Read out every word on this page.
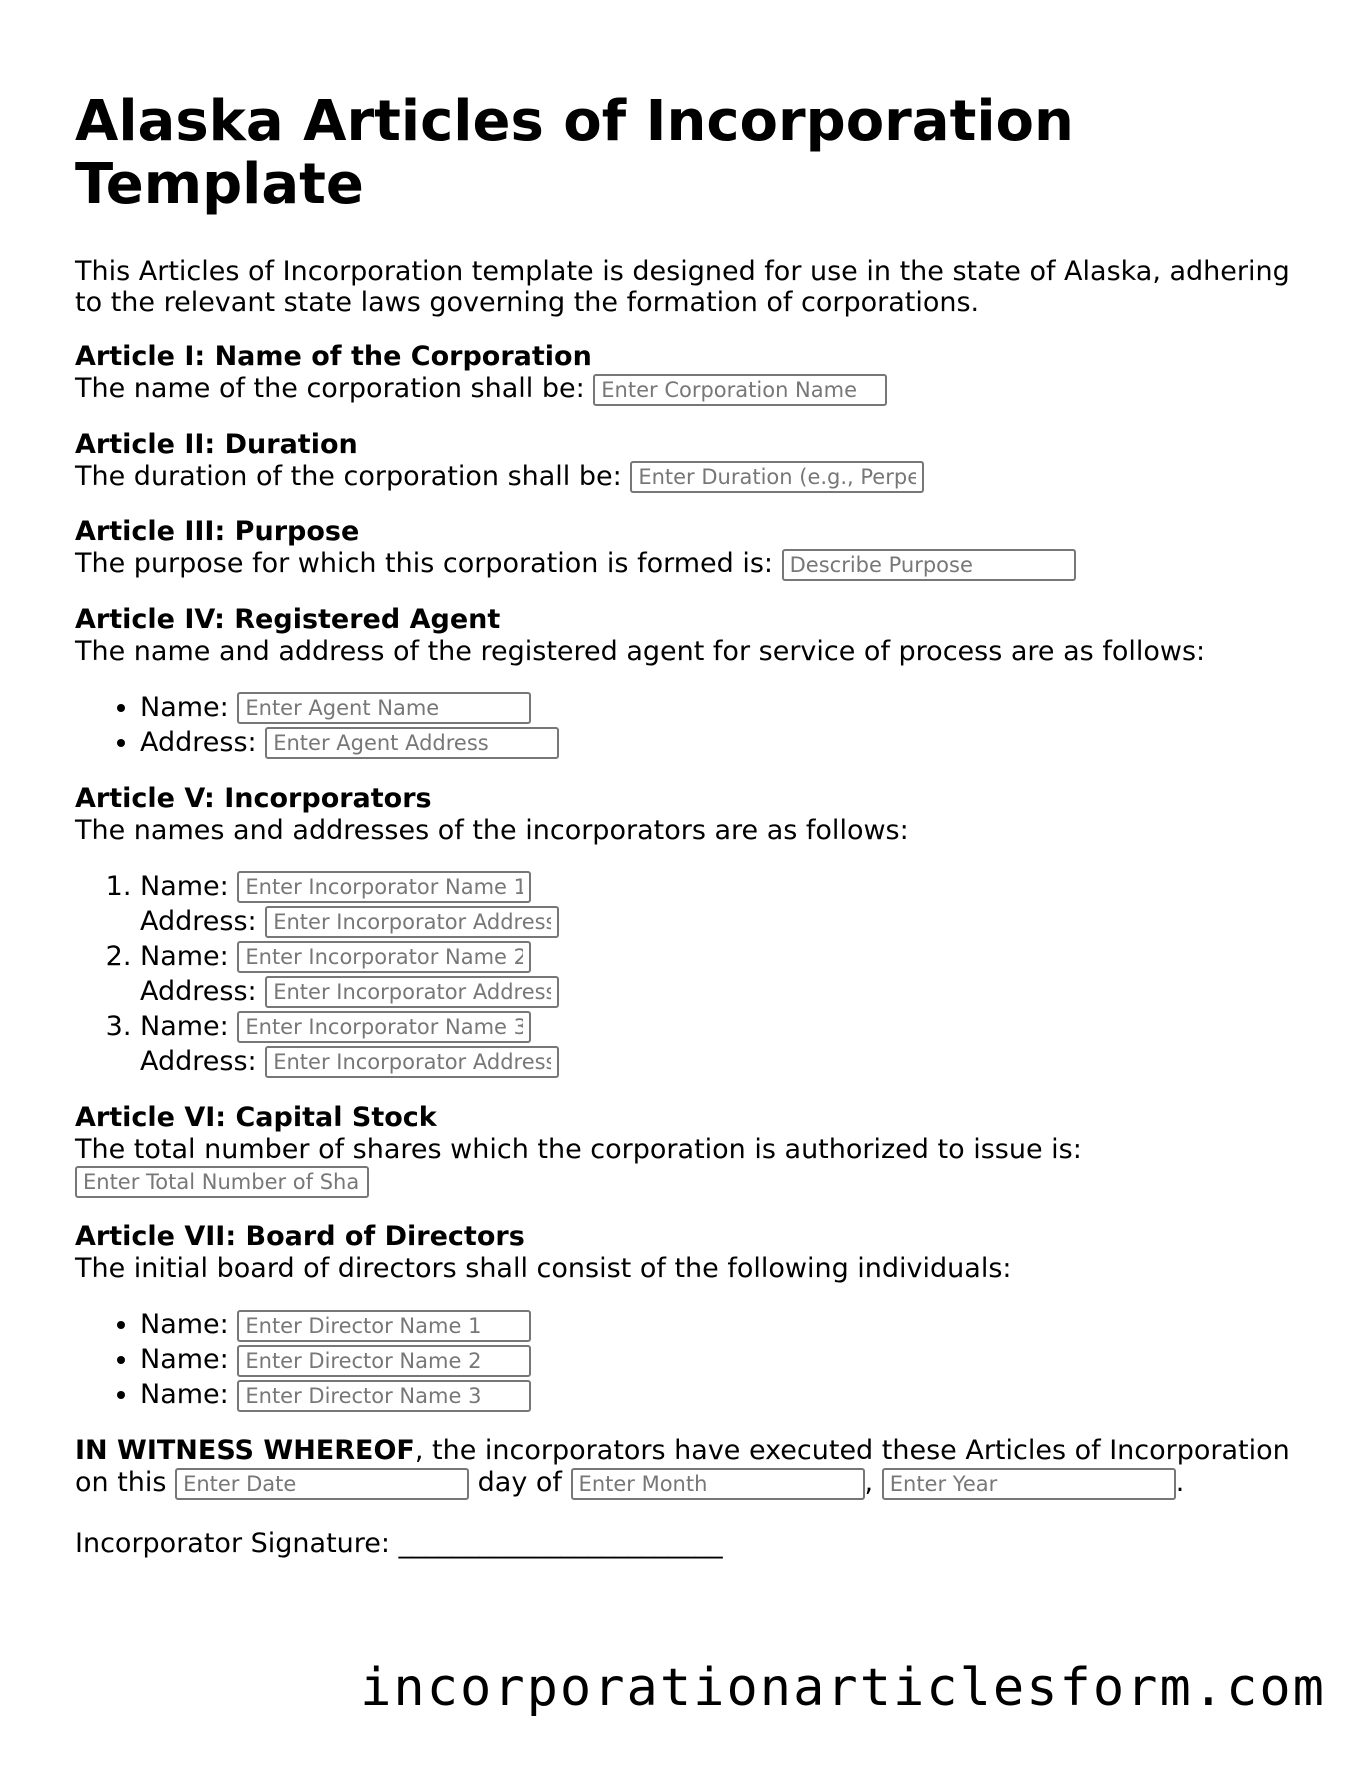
Alaska Articles of Incorporation Template

This Articles of Incorporation template is designed for use in the state of Alaska, adhering to the relevant state laws governing the formation of corporations.

Article I: Name of the Corporation

The name of the corporation shall be: Enter Corporation Name

Article II: Duration

The duration of the corporation shall be: Enter Duration (e.g., Perpetual)

Article III: Purpose

The purpose for which this corporation is formed is: Describe Purpose

Article IV: Registered Agent

The name and address of the registered agent for service of process are as follows:

• Name: Enter Agent Name
• Address: Enter Agent Address

Article V: Incorporators

The names and addresses of the incorporators are as follows:

1. Name: Enter Incorporator Name 1
Address: Enter Incorporator Address 1
2. Name: Enter Incorporator Name 2
Address: Enter Incorporator Address 2
3. Name: Enter Incorporator Name 3
Address: Enter Incorporator Address 3

Article VI: Capital Stock

The total number of shares which the corporation is authorized to issue is:

Enter Total Number of Shares

Article VII: Board of Directors

The initial board of directors shall consist of the following individuals:

• Name: Enter Director Name 1
• Name: Enter Director Name 2
• Name: Enter Director Name 3

IN WITNESS WHEREOF, the incorporators have executed these Articles of Incorporation

on this Enter Date	day of Enter Month	, Enter Year	.

Incorporator Signature: ________________________

incorporationarticlesform.com
